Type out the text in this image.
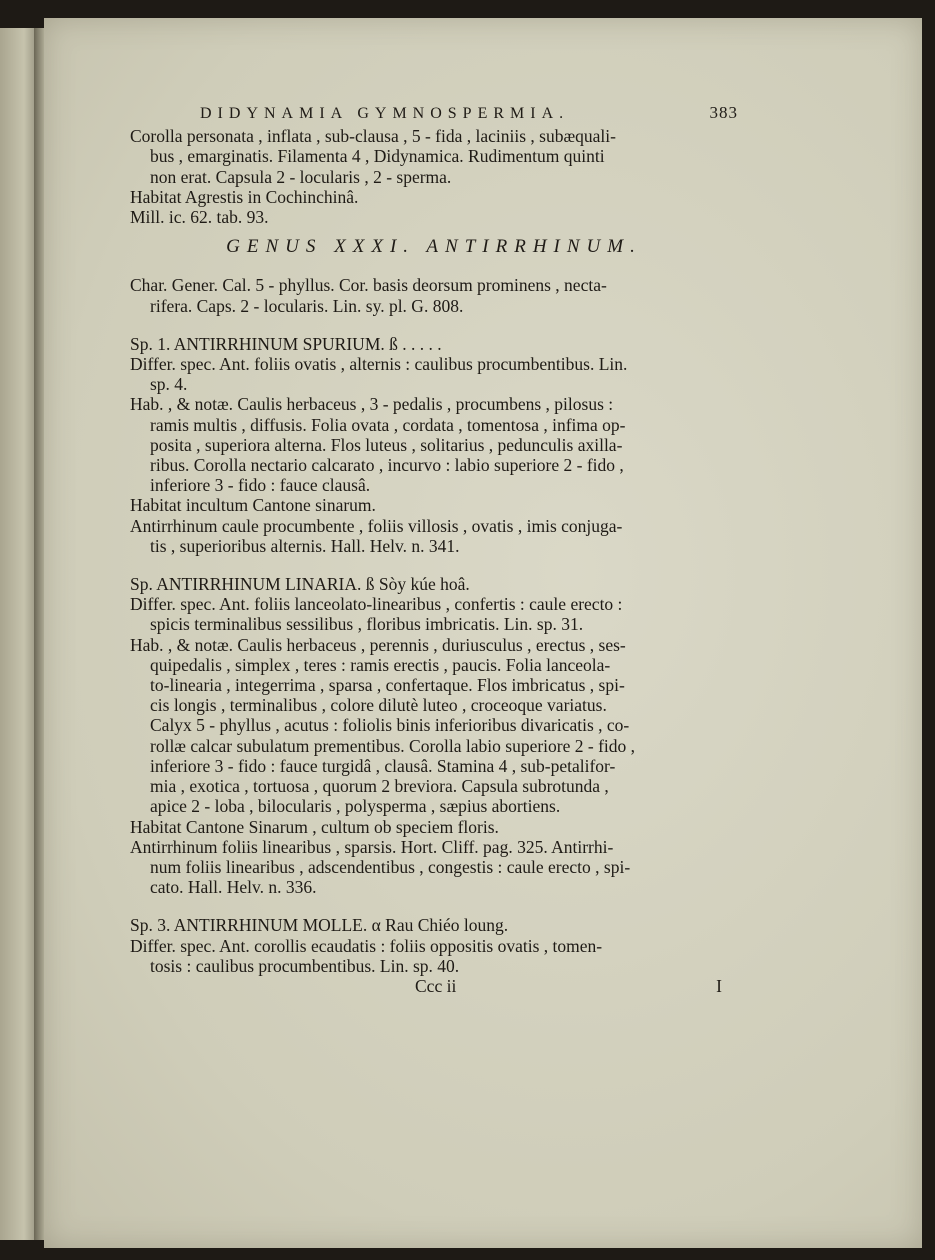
DIDYNAMIA GYMNOSPERMIA.	383

Corolla personata , inflata , sub-clausa , 5 - fida , laciniis , subæquali-

bus , emarginatis. Filamenta 4 , Didynamica. Rudimentum quinti

non erat. Capsula 2 - locularis , 2 - sperma.

Habitat Agrestis in Cochinchinâ.

Mill. ic. 62. tab. 93.

GENUS XXXI. ANTIRRHINUM.

Char. Gener. Cal. 5 - phyllus. Cor. basis deorsum prominens , necta-

rifera. Caps. 2 - locularis. Lin. sy. pl. G. 808.

Sp. 1. ANTIRRHINUM SPURIUM. ß . . . . .

Differ. spec. Ant. foliis ovatis , alternis : caulibus procumbentibus. Lin.

sp. 4.

Hab. , & notæ. Caulis herbaceus , 3 - pedalis , procumbens , pilosus :

ramis multis , diffusis. Folia ovata , cordata , tomentosa , infima op-

posita , superiora alterna. Flos luteus , solitarius , pedunculis axilla-

ribus. Corolla nectario calcarato , incurvo : labio superiore 2 - fido ,

inferiore 3 - fido : fauce clausâ.

Habitat incultum Cantone sinarum.

Antirrhinum caule procumbente , foliis villosis , ovatis , imis conjuga-

tis , superioribus alternis. Hall. Helv. n. 341.

Sp. ANTIRRHINUM LINARIA. ß Sòy kúe hoâ.

Differ. spec. Ant. foliis lanceolato-linearibus , confertis : caule erecto :

spicis terminalibus sessilibus , floribus imbricatis. Lin. sp. 31.

Hab. , & notæ. Caulis herbaceus , perennis , duriusculus , erectus , ses-

quipedalis , simplex , teres : ramis erectis , paucis. Folia lanceola-

to-linearia , integerrima , sparsa , confertaque. Flos imbricatus , spi-

cis longis , terminalibus , colore dilutè luteo , croceoque variatus.

Calyx 5 - phyllus , acutus : foliolis binis inferioribus divaricatis , co-

rollæ calcar subulatum prementibus. Corolla labio superiore 2 - fido ,

inferiore 3 - fido : fauce turgidâ , clausâ. Stamina 4 , sub-petalifor-

mia , exotica , tortuosa , quorum 2 breviora. Capsula subrotunda ,

apice 2 - loba , bilocularis , polysperma , sæpius abortiens.

Habitat Cantone Sinarum , cultum ob speciem floris.

Antirrhinum foliis linearibus , sparsis. Hort. Cliff. pag. 325. Antirrhi-

num foliis linearibus , adscendentibus , congestis : caule erecto , spi-

cato. Hall. Helv. n. 336.

Sp. 3. ANTIRRHINUM MOLLE. α Rau Chiéo loung.

Differ. spec. Ant. corollis ecaudatis : foliis oppositis ovatis , tomen-

tosis : caulibus procumbentibus. Lin. sp. 40.

Ccc ii	I
